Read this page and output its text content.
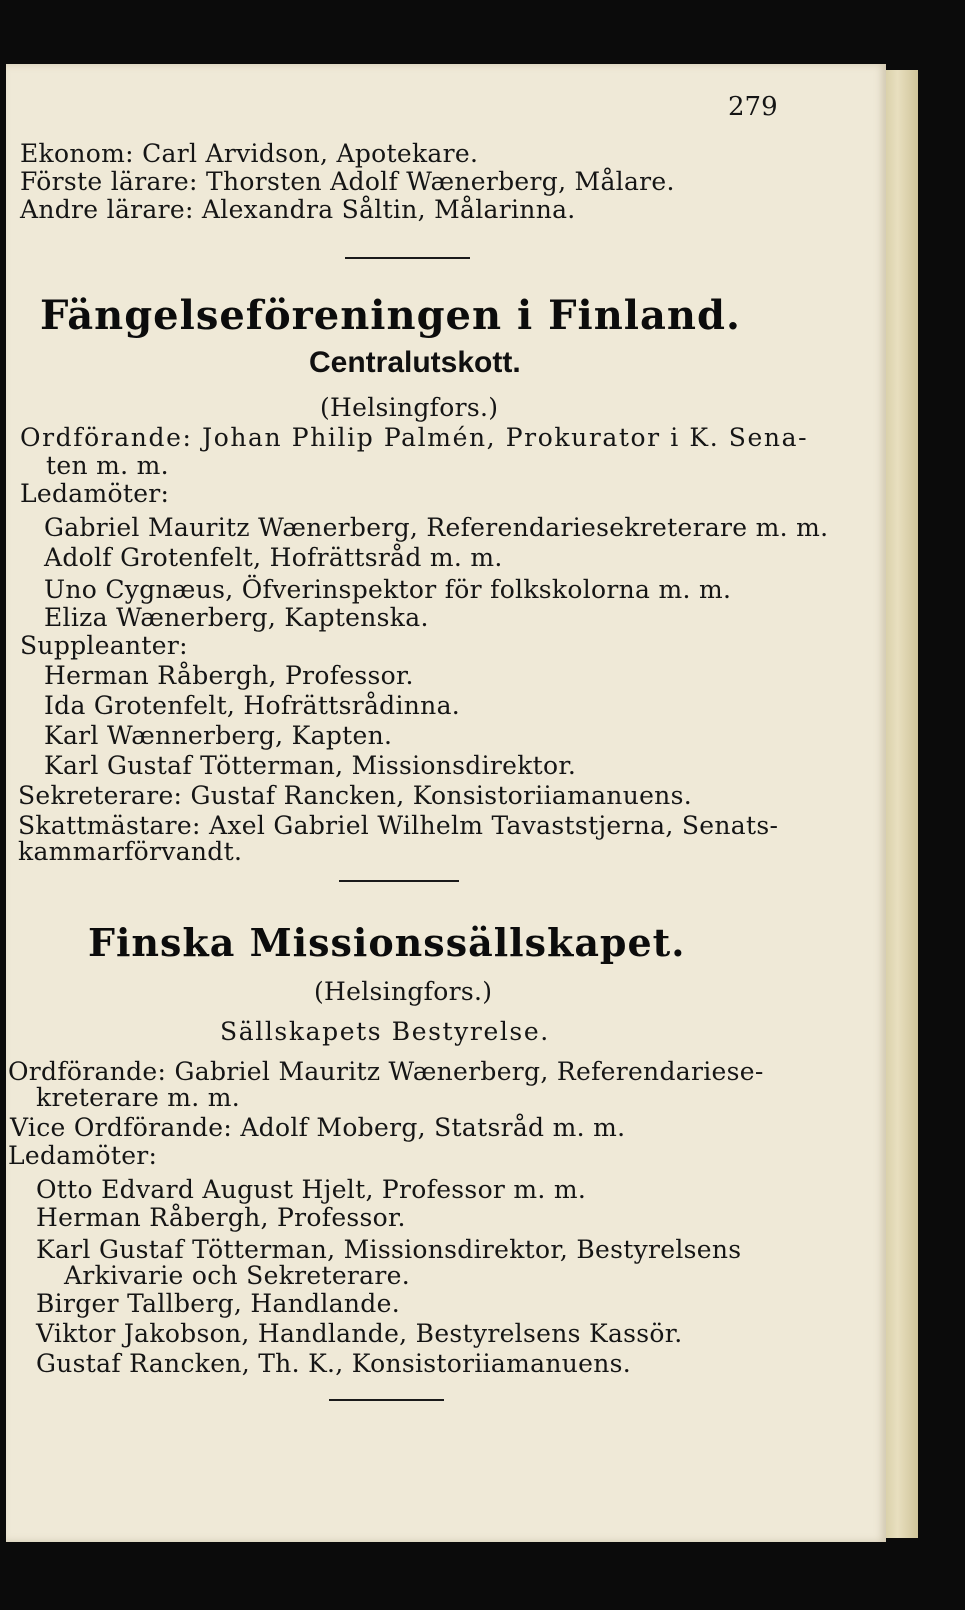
279
Ekonom: Carl Arvidson, Apotekare.
Förste lärare: Thorsten Adolf Wænerberg, Målare.
Andre lärare: Alexandra Såltin, Målarinna.
Fängelseföreningen i Finland.
Centralutskott.
(Helsingfors.)
Ordförande: Johan Philip Palmén, Prokurator i K. Sena-
ten m. m.
Ledamöter:
Gabriel Mauritz Wænerberg, Referendariesekreterare m. m.
Adolf Grotenfelt, Hofrättsråd m. m.
Uno Cygnæus, Öfverinspektor för folkskolorna m. m.
Eliza Wænerberg, Kaptenska.
Suppleanter:
Herman Råbergh, Professor.
Ida Grotenfelt, Hofrättsrådinna.
Karl Wænnerberg, Kapten.
Karl Gustaf Tötterman, Missionsdirektor.
Sekreterare: Gustaf Rancken, Konsistoriiamanuens.
Skattmästare: Axel Gabriel Wilhelm Tavaststjerna, Senats-
kammarförvandt.
Finska Missionssällskapet.
(Helsingfors.)
Sällskapets Bestyrelse.
Ordförande: Gabriel Mauritz Wænerberg, Referendariese-
kreterare m. m.
Vice Ordförande: Adolf Moberg, Statsråd m. m.
Ledamöter:
Otto Edvard August Hjelt, Professor m. m.
Herman Råbergh, Professor.
Karl Gustaf Tötterman, Missionsdirektor, Bestyrelsens
Arkivarie och Sekreterare.
Birger Tallberg, Handlande.
Viktor Jakobson, Handlande, Bestyrelsens Kassör.
Gustaf Rancken, Th. K., Konsistoriiamanuens.
